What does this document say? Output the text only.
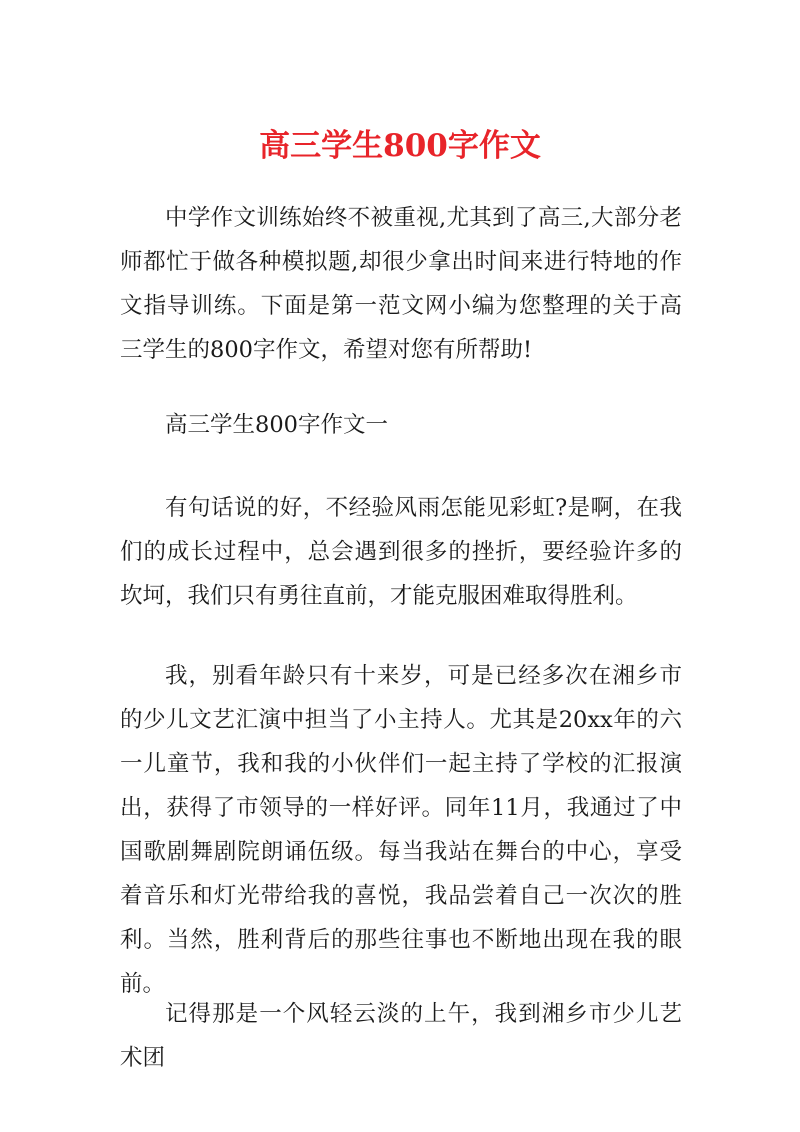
高三学生800字作文

中学作文训练始终不被重视,尤其到了高三,大部分老师都忙于做各种模拟题,却很少拿出时间来进行特地的作文指导训练。下面是第一范文网小编为您整理的关于高三学生的800字作文，希望对您有所帮助!

高三学生800字作文一

有句话说的好，不经验风雨怎能见彩虹?是啊，在我们的成长过程中，总会遇到很多的挫折，要经验许多的坎坷，我们只有勇往直前，才能克服困难取得胜利。

我，别看年龄只有十来岁，可是已经多次在湘乡市的少儿文艺汇演中担当了小主持人。尤其是20xx年的六一儿童节，我和我的小伙伴们一起主持了学校的汇报演出，获得了市领导的一样好评。同年11月，我通过了中国歌剧舞剧院朗诵伍级。每当我站在舞台的中心，享受着音乐和灯光带给我的喜悦，我品尝着自己一次次的胜利。当然，胜利背后的那些往事也不断地出现在我的眼前。

记得那是一个风轻云淡的上午，我到湘乡市少儿艺术团
